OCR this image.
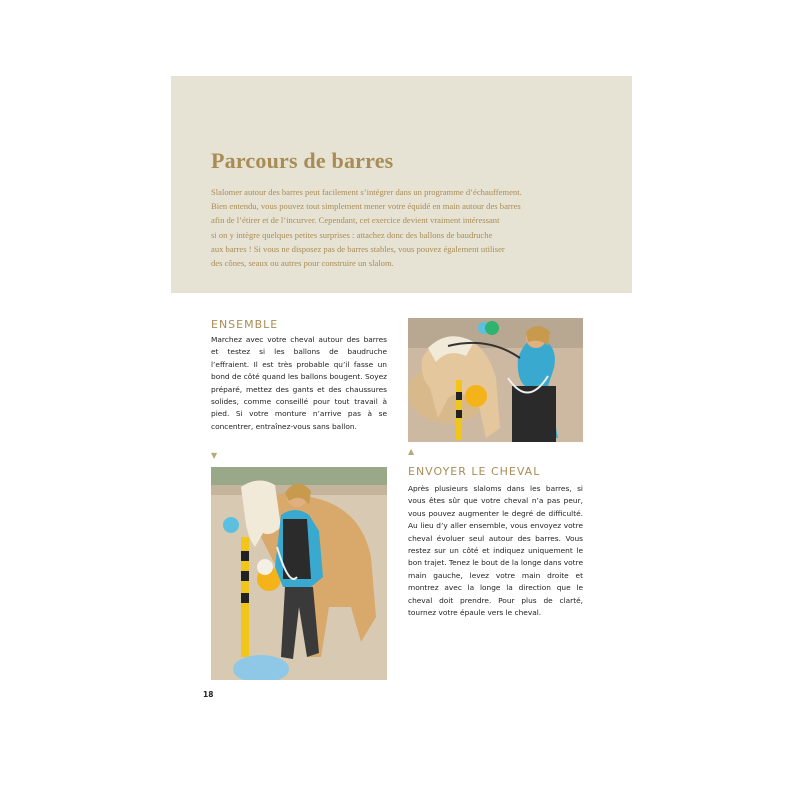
Parcours de barres
Slalomer autour des barres peut facilement s’intégrer dans un programme d’échauffement.
Bien entendu, vous pouvez tout simplement mener votre équidé en main autour des barres
afin de l’étirer et de l’incurver. Cependant, cet exercice devient vraiment intéressant
si on y intègre quelques petites surprises : attachez donc des ballons de baudruche
aux barres ! Si vous ne disposez pas de barres stables, vous pouvez également utiliser
des cônes, seaux ou autres pour construire un slalom.
ENSEMBLE
Marchez avec votre cheval autour des barres et testez si les ballons de baudruche l’effraient. Il est très probable qu’il fasse un bond de côté quand les ballons bougent. Soyez préparé, mettez des gants et des chaussures solides, comme conseillé pour tout travail à pied. Si votre monture n’arrive pas à se concentrer, entraînez-vous sans ballon.
▼	▲
ENVOYER LE CHEVAL
Après plusieurs slaloms dans les barres, si vous êtes sûr que votre cheval n’a pas peur, vous pouvez augmenter le degré de difficulté. Au lieu d’y aller ensemble, vous envoyez votre cheval évoluer seul autour des barres. Vous restez sur un côté et indiquez uniquement le bon trajet. Tenez le bout de la longe dans votre main gauche, levez votre main droite et montrez avec la longe la direction que le cheval doit prendre. Pour plus de clarté, tournez votre épaule vers le cheval.
18
